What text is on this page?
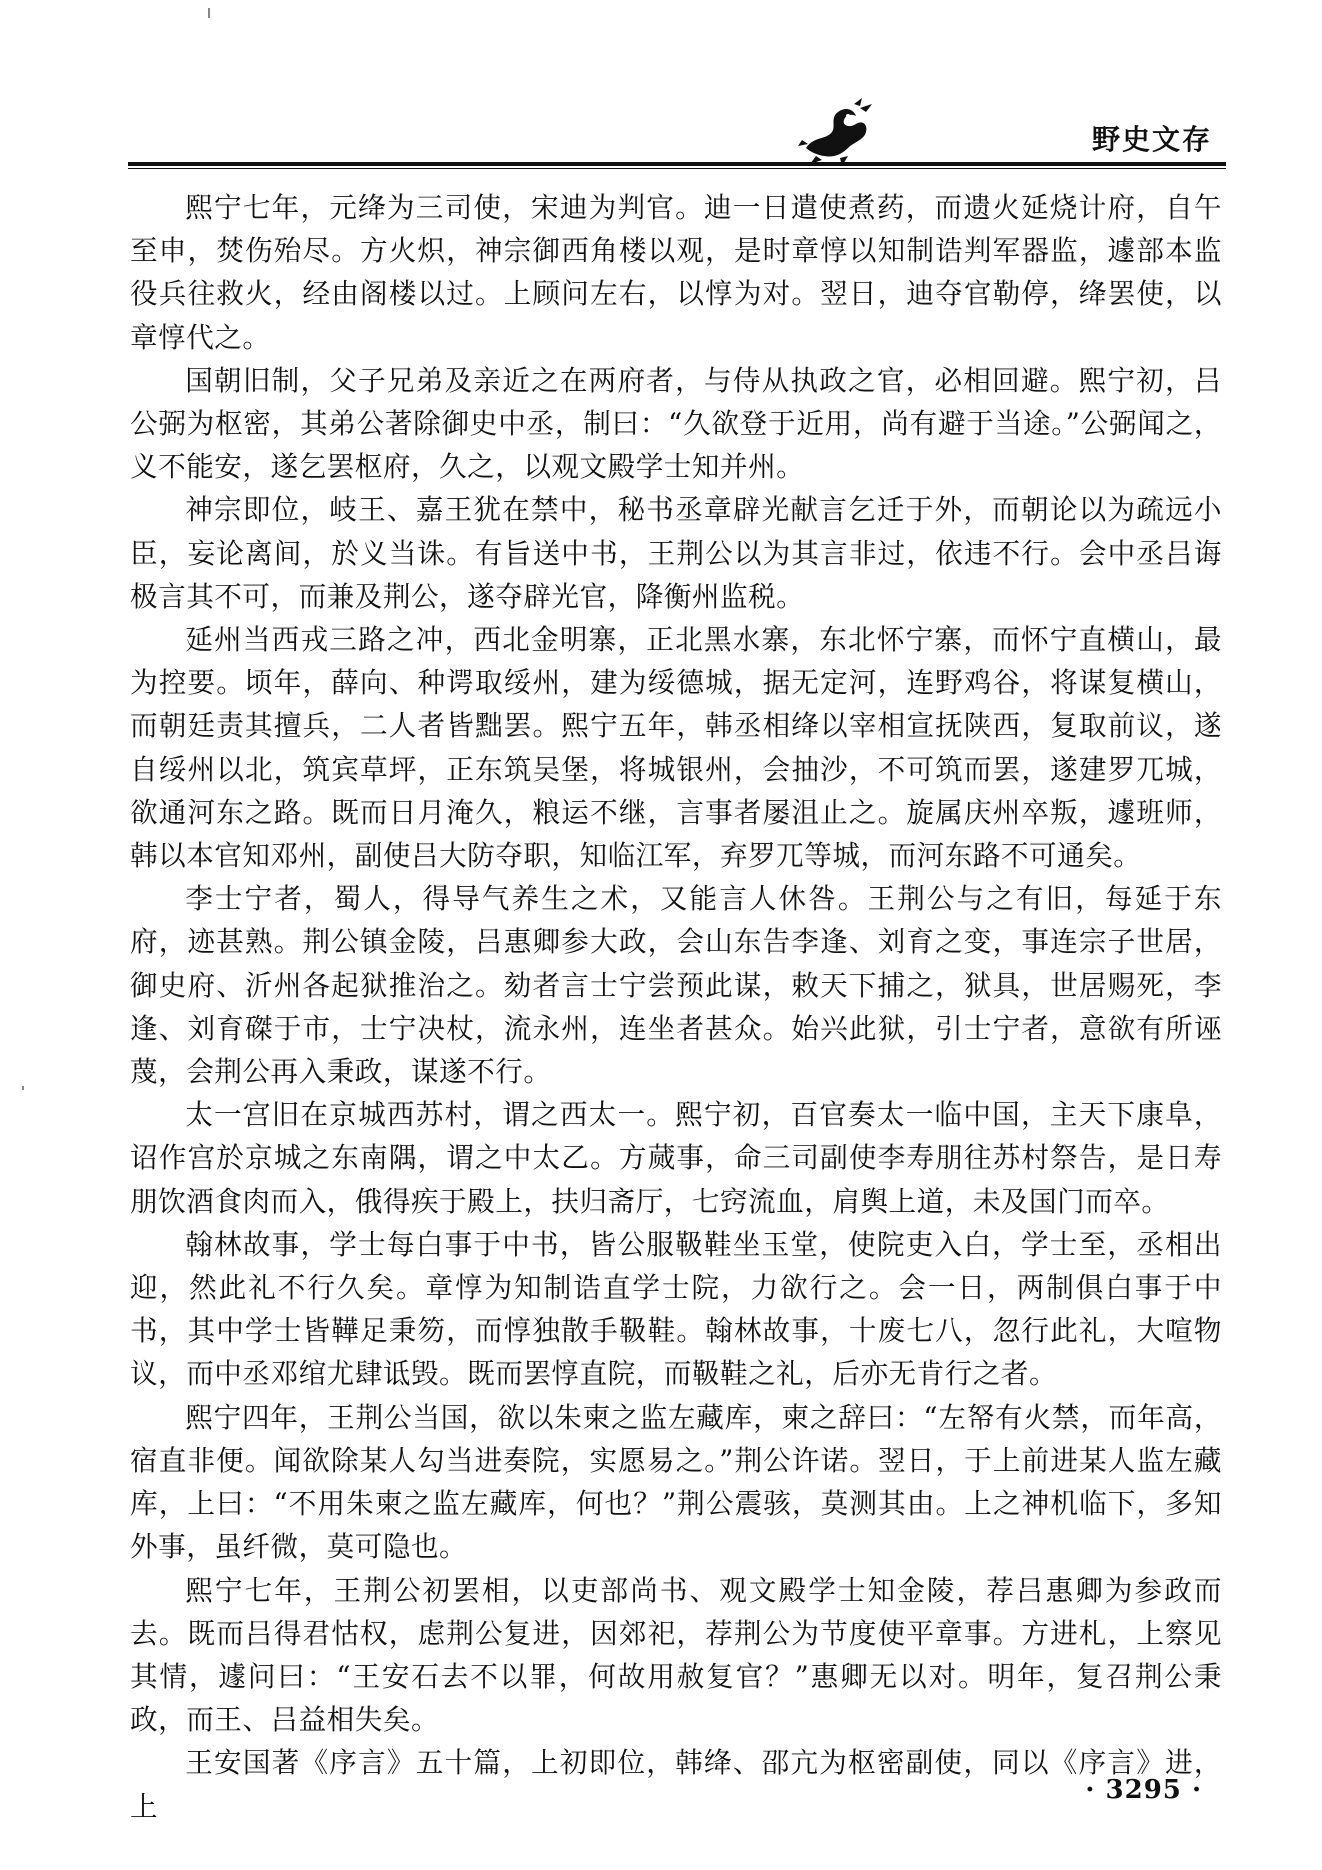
野史文存

熙宁七年，元绛为三司使，宋迪为判官。迪一日遣使煮药，而遗火延烧计府，自午至申，焚伤殆尽。方火炽，神宗御西角楼以观，是时章惇以知制诰判军器监，遽部本监役兵往救火，经由阁楼以过。上顾问左右，以惇为对。翌日，迪夺官勒停，绛罢使，以章惇代之。

国朝旧制，父子兄弟及亲近之在两府者，与侍从执政之官，必相回避。熙宁初，吕公弼为枢密，其弟公著除御史中丞，制曰：“久欲登于近用，尚有避于当途。”公弼闻之，义不能安，遂乞罢枢府，久之，以观文殿学士知并州。

神宗即位，岐王、嘉王犹在禁中，秘书丞章辟光献言乞迁于外，而朝论以为疏远小臣，妄论离间，於义当诛。有旨送中书，王荆公以为其言非过，依违不行。会中丞吕诲极言其不可，而兼及荆公，遂夺辟光官，降衡州监税。

延州当西戎三路之冲，西北金明寨，正北黑水寨，东北怀宁寨，而怀宁直横山，最为控要。顷年，薛向、种谔取绥州，建为绥德城，据无定河，连野鸡谷，将谋复横山，而朝廷责其擅兵，二人者皆黜罢。熙宁五年，韩丞相绛以宰相宣抚陕西，复取前议，遂自绥州以北，筑宾草坪，正东筑吴堡，将城银州，会抽沙，不可筑而罢，遂建罗兀城，欲通河东之路。既而日月淹久，粮运不继，言事者屡沮止之。旋属庆州卒叛，遽班师，韩以本官知邓州，副使吕大防夺职，知临江军，弃罗兀等城，而河东路不可通矣。

李士宁者，蜀人，得导气养生之术，又能言人休咎。王荆公与之有旧，每延于东府，迹甚熟。荆公镇金陵，吕惠卿参大政，会山东告李逢、刘育之变，事连宗子世居，御史府、沂州各起狱推治之。劾者言士宁尝预此谋，敕天下捕之，狱具，世居赐死，李逢、刘育磔于市，士宁决杖，流永州，连坐者甚众。始兴此狱，引士宁者，意欲有所诬蔑，会荆公再入秉政，谋遂不行。

太一宫旧在京城西苏村，谓之西太一。熙宁初，百官奏太一临中国，主天下康阜，诏作宫於京城之东南隅，谓之中太乙。方蒇事，命三司副使李寿朋往苏村祭告，是日寿朋饮酒食肉而入，俄得疾于殿上，扶归斋厅，七窍流血，肩舆上道，未及国门而卒。

翰林故事，学士每白事于中书，皆公服靸鞋坐玉堂，使院吏入白，学士至，丞相出迎，然此礼不行久矣。章惇为知制诰直学士院，力欲行之。会一日，两制俱白事于中书，其中学士皆鞾足秉笏，而惇独散手靸鞋。翰林故事，十废七八，忽行此礼，大喧物议，而中丞邓绾尤肆诋毁。既而罢惇直院，而靸鞋之礼，后亦无肯行之者。

熙宁四年，王荆公当国，欲以朱柬之监左藏库，柬之辞曰：“左帑有火禁，而年高，宿直非便。闻欲除某人勾当进奏院，实愿易之。”荆公许诺。翌日，于上前进某人监左藏库，上曰：“不用朱柬之监左藏库，何也？”荆公震骇，莫测其由。上之神机临下，多知外事，虽纤微，莫可隐也。

熙宁七年，王荆公初罢相，以吏部尚书、观文殿学士知金陵，荐吕惠卿为参政而去。既而吕得君怙权，虑荆公复进，因郊祀，荐荆公为节度使平章事。方进札，上察见其情，遽问曰：“王安石去不以罪，何故用赦复官？”惠卿无以对。明年，复召荆公秉政，而王、吕益相失矣。

王安国著《序言》五十篇，上初即位，韩绛、邵亢为枢密副使，同以《序言》进，上	· 3295 ·
